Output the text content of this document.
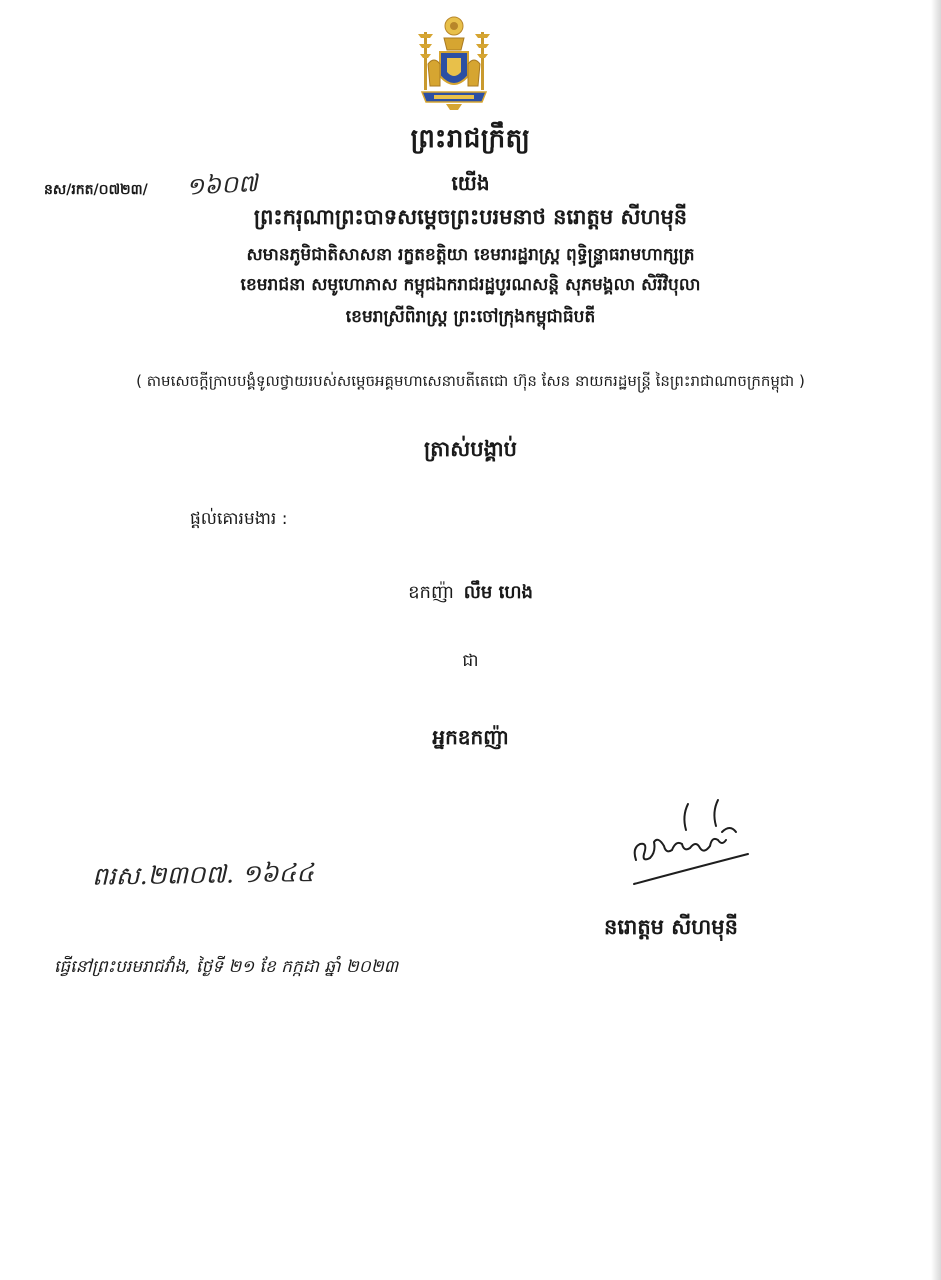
ព្រះរាជក្រឹត្យ
យើង
នស/រកត/០៧២៣/ ១៦០៧
ព្រះករុណាព្រះបាទសម្តេចព្រះបរមនាថ នរោត្តម សីហមុនី
សមានភូមិជាតិសាសនា រក្ខតខត្តិយា ខេមរារដ្ឋរាស្ត្រ ពុទ្ធិន្ទ្រាធរាមហាក្សត្រ
ខេមរាជនា សមូហោភាស កម្ពុជឯករាជរដ្ឋបូរណសន្តិ សុភមង្គលា សិរីវិបុលា
ខេមរាស្រីពិរាស្ត្រ ព្រះចៅក្រុងកម្ពុជាធិបតី
( តាមសេចក្តីក្រាបបង្គំទូលថ្វាយរបស់សម្តេចអគ្គមហាសេនាបតីតេជោ ហ៊ុន សែន នាយករដ្ឋមន្ត្រី នៃព្រះរាជាណាចក្រកម្ពុជា )
ត្រាស់បង្គាប់
ផ្តល់គោរមងារ :
ឧកញ៉ា លឹម ហេង
ជា
អ្នកឧកញ៉ា
ពរស.២៣០៧. ១៦៤៤
នរោត្តម សីហមុនី
ធ្វើនៅព្រះបរមរាជវាំង, ថ្ងៃទី ២១ ខែ កក្កដា ឆ្នាំ ២០២៣
